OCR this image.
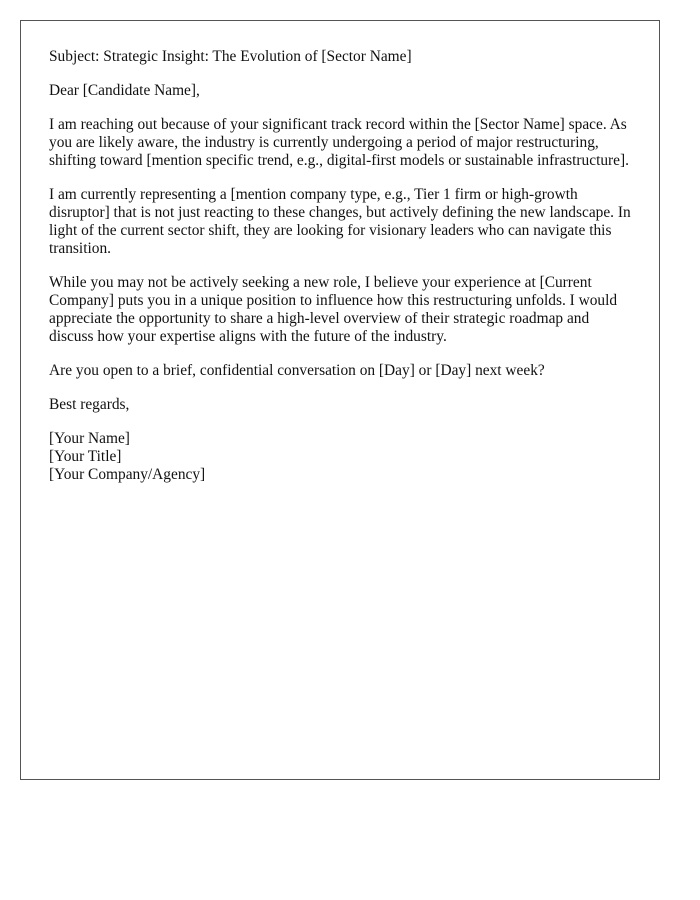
Subject: Strategic Insight: The Evolution of [Sector Name]

Dear [Candidate Name],

I am reaching out because of your significant track record within the [Sector Name] space. As you are likely aware, the industry is currently undergoing a period of major restructuring, shifting toward [mention specific trend, e.g., digital-first models or sustainable infrastructure].

I am currently representing a [mention company type, e.g., Tier 1 firm or high-growth disruptor] that is not just reacting to these changes, but actively defining the new landscape. In light of the current sector shift, they are looking for visionary leaders who can navigate this transition.

While you may not be actively seeking a new role, I believe your experience at [Current Company] puts you in a unique position to influence how this restructuring unfolds. I would appreciate the opportunity to share a high-level overview of their strategic roadmap and discuss how your expertise aligns with the future of the industry.

Are you open to a brief, confidential conversation on [Day] or [Day] next week?

Best regards,

[Your Name]
[Your Title]
[Your Company/Agency]
